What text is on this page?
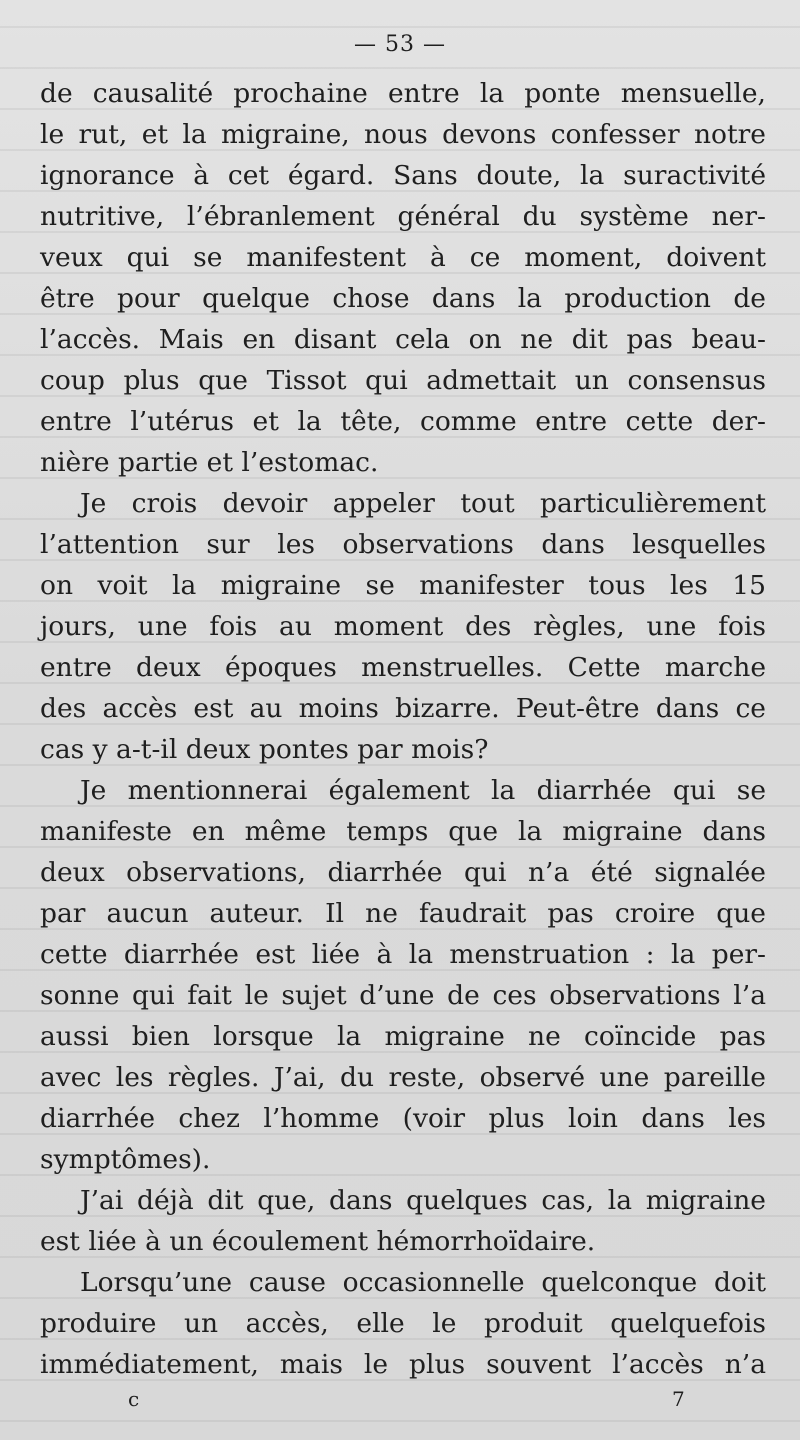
— 53 —
de causalité prochaine entre la ponte mensuelle,
le rut, et la migraine, nous devons confesser notre
ignorance à cet égard. Sans doute, la suractivité
nutritive, l’ébranlement général du système ner-
veux qui se manifestent à ce moment, doivent
être pour quelque chose dans la production de
l’accès. Mais en disant cela on ne dit pas beau-
coup plus que Tissot qui admettait un consensus
entre l’utérus et la tête, comme entre cette der-
nière partie et l’estomac.
Je crois devoir appeler tout particulièrement
l’attention sur les observations dans lesquelles
on voit la migraine se manifester tous les 15
jours, une fois au moment des règles, une fois
entre deux époques menstruelles. Cette marche
des accès est au moins bizarre. Peut-être dans ce
cas y a-t-il deux pontes par mois?
Je mentionnerai également la diarrhée qui se
manifeste en même temps que la migraine dans
deux observations, diarrhée qui n’a été signalée
par aucun auteur. Il ne faudrait pas croire que
cette diarrhée est liée à la menstruation : la per-
sonne qui fait le sujet d’une de ces observations l’a
aussi bien lorsque la migraine ne coïncide pas
avec les règles. J’ai, du reste, observé une pareille
diarrhée chez l’homme (voir plus loin dans les
symptômes).
J’ai déjà dit que, dans quelques cas, la migraine
est liée à un écoulement hémorrhoïdaire.
Lorsqu’une cause occasionnelle quelconque doit
produire un accès, elle le produit quelquefois
immédiatement, mais le plus souvent l’accès n’a
c	7
